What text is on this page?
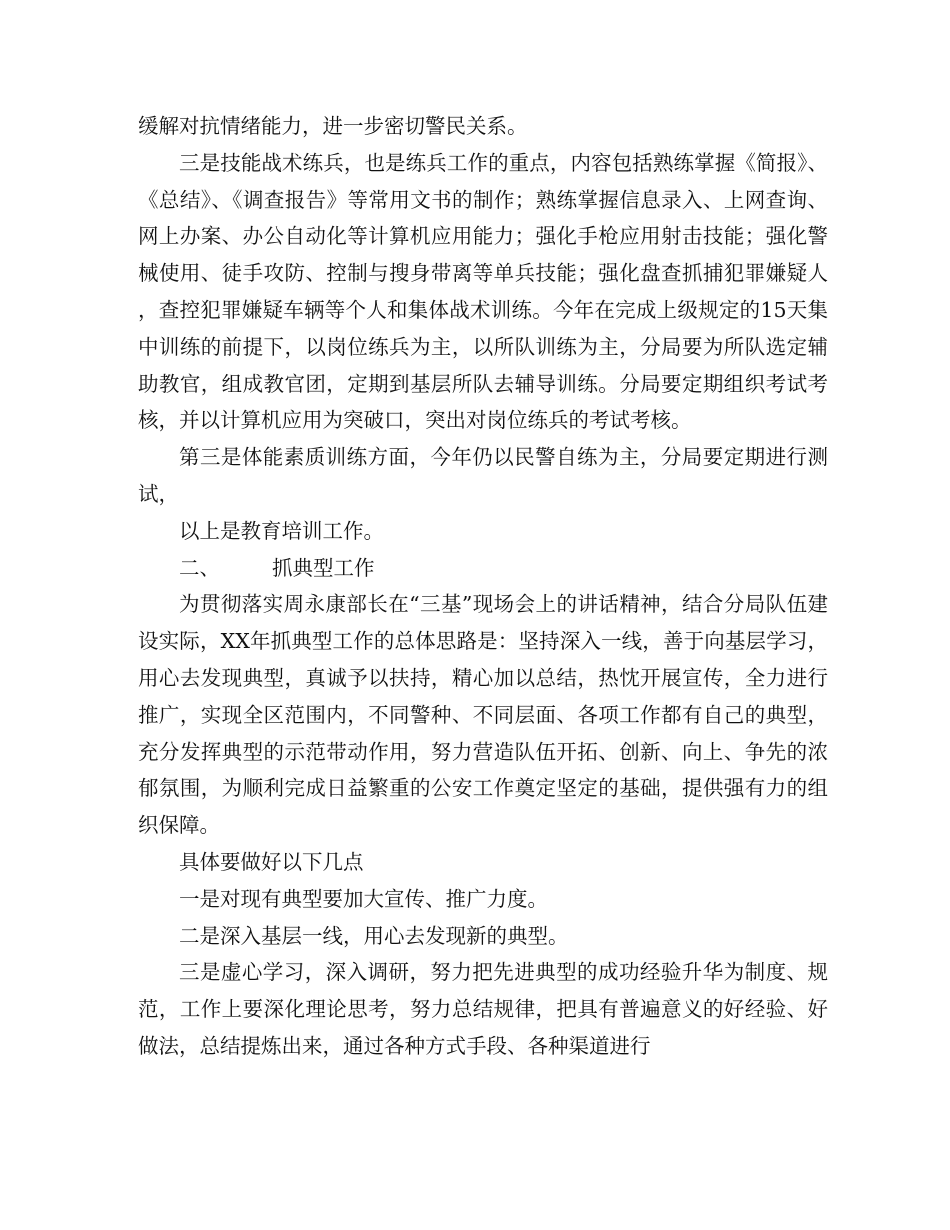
缓解对抗情绪能力，进一步密切警民关系。

三是技能战术练兵，也是练兵工作的重点，内容包括熟练掌握《简报》、《总结》、《调查报告》等常用文书的制作；熟练掌握信息录入、上网查询、网上办案、办公自动化等计算机应用能力；强化手枪应用射击技能；强化警械使用、徒手攻防、控制与搜身带离等单兵技能；强化盘查抓捕犯罪嫌疑人，查控犯罪嫌疑车辆等个人和集体战术训练。今年在完成上级规定的15天集中训练的前提下，以岗位练兵为主，以所队训练为主，分局要为所队选定辅助教官，组成教官团，定期到基层所队去辅导训练。分局要定期组织考试考核，并以计算机应用为突破口，突出对岗位练兵的考试考核。

第三是体能素质训练方面，今年仍以民警自练为主，分局要定期进行测试，

以上是教育培训工作。

二、	抓典型工作

为贯彻落实周永康部长在“三基”现场会上的讲话精神，结合分局队伍建设实际，XX年抓典型工作的总体思路是：坚持深入一线，善于向基层学习，用心去发现典型，真诚予以扶持，精心加以总结，热忱开展宣传，全力进行推广，实现全区范围内，不同警种、不同层面、各项工作都有自己的典型，充分发挥典型的示范带动作用，努力营造队伍开拓、创新、向上、争先的浓郁氛围，为顺利完成日益繁重的公安工作奠定坚定的基础，提供强有力的组织保障。

具体要做好以下几点

一是对现有典型要加大宣传、推广力度。

二是深入基层一线，用心去发现新的典型。

三是虚心学习，深入调研，努力把先进典型的成功经验升华为制度、规范，工作上要深化理论思考，努力总结规律，把具有普遍意义的好经验、好做法，总结提炼出来，通过各种方式手段、各种渠道进行
